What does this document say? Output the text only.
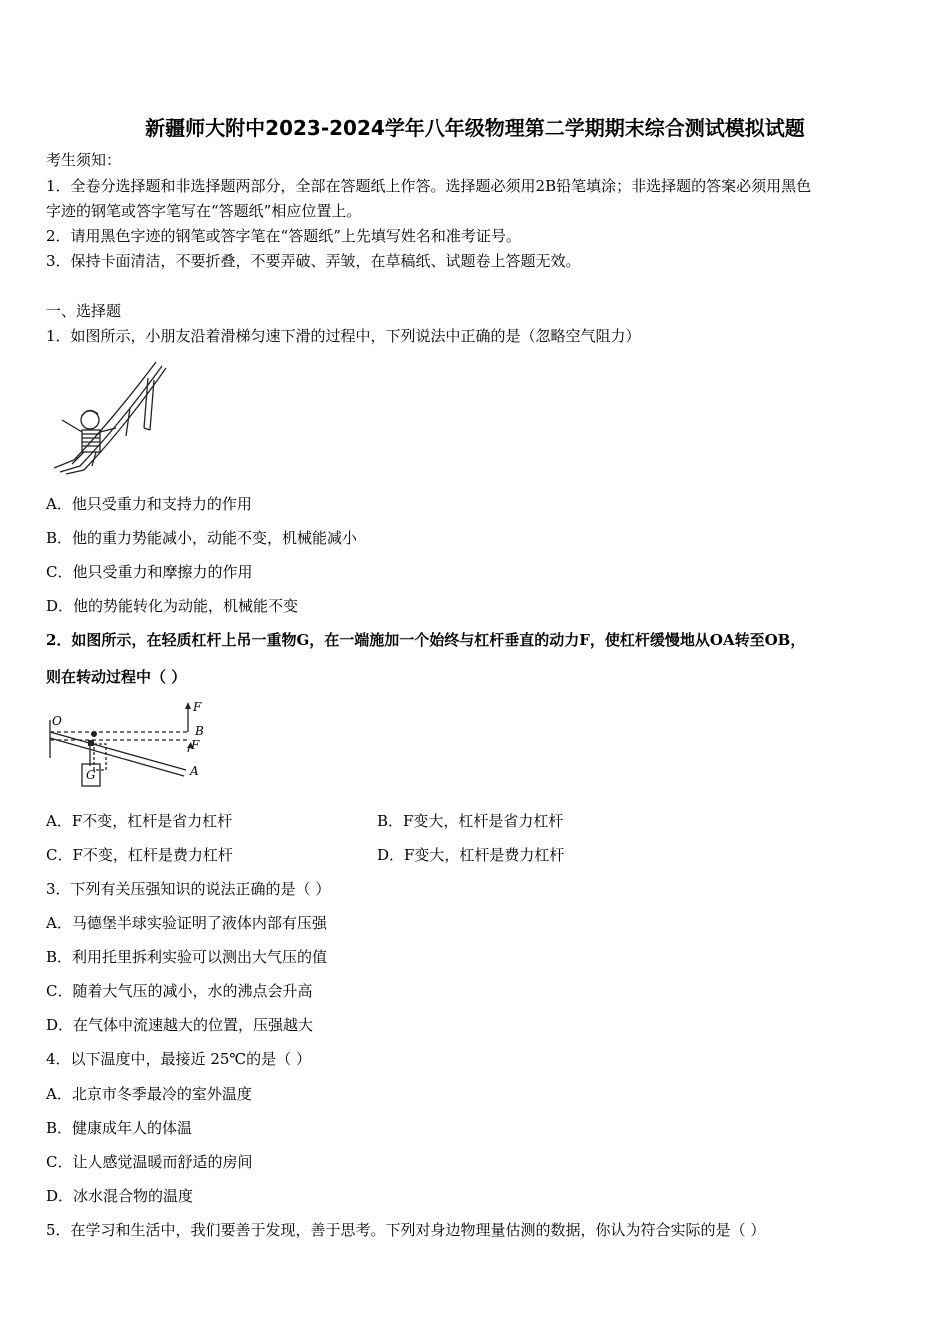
新疆师大附中2023-2024学年八年级物理第二学期期末综合测试模拟试题
考生须知：
1．全卷分选择题和非选择题两部分，全部在答题纸上作答。选择题必须用2B铅笔填涂；非选择题的答案必须用黑色
字迹的钢笔或答字笔写在“答题纸”相应位置上。
2．请用黑色字迹的钢笔或答字笔在“答题纸”上先填写姓名和准考证号。
3．保持卡面清洁，不要折叠，不要弄破、弄皱，在草稿纸、试题卷上答题无效。
一、选择题
1．如图所示，小朋友沿着滑梯匀速下滑的过程中，下列说法中正确的是（忽略空气阻力）
A．他只受重力和支持力的作用
B．他的重力势能减小，动能不变，机械能减小
C．他只受重力和摩擦力的作用
D．他的势能转化为动能，机械能不变
2．如图所示，在轻质杠杆上吊一重物G，在一端施加一个始终与杠杆垂直的动力F，使杠杆缓慢地从OA转至OB，
则在转动过程中（ ）
O
F
B
F
A
G
A．F不变，杠杆是省力杠杆	B．F变大，杠杆是省力杠杆
C．F不变，杠杆是费力杠杆	D．F变大，杠杆是费力杠杆
3．下列有关压强知识的说法正确的是（ ）
A．马德堡半球实验证明了液体内部有压强
B．利用托里拆利实验可以测出大气压的值
C．随着大气压的减小，水的沸点会升高
D．在气体中流速越大的位置，压强越大
4．以下温度中，最接近 25℃的是（ ）
A．北京市冬季最冷的室外温度
B．健康成年人的体温
C．让人感觉温暖而舒适的房间
D．冰水混合物的温度
5．在学习和生活中，我们要善于发现，善于思考。下列对身边物理量估测的数据，你认为符合实际的是（ ）
